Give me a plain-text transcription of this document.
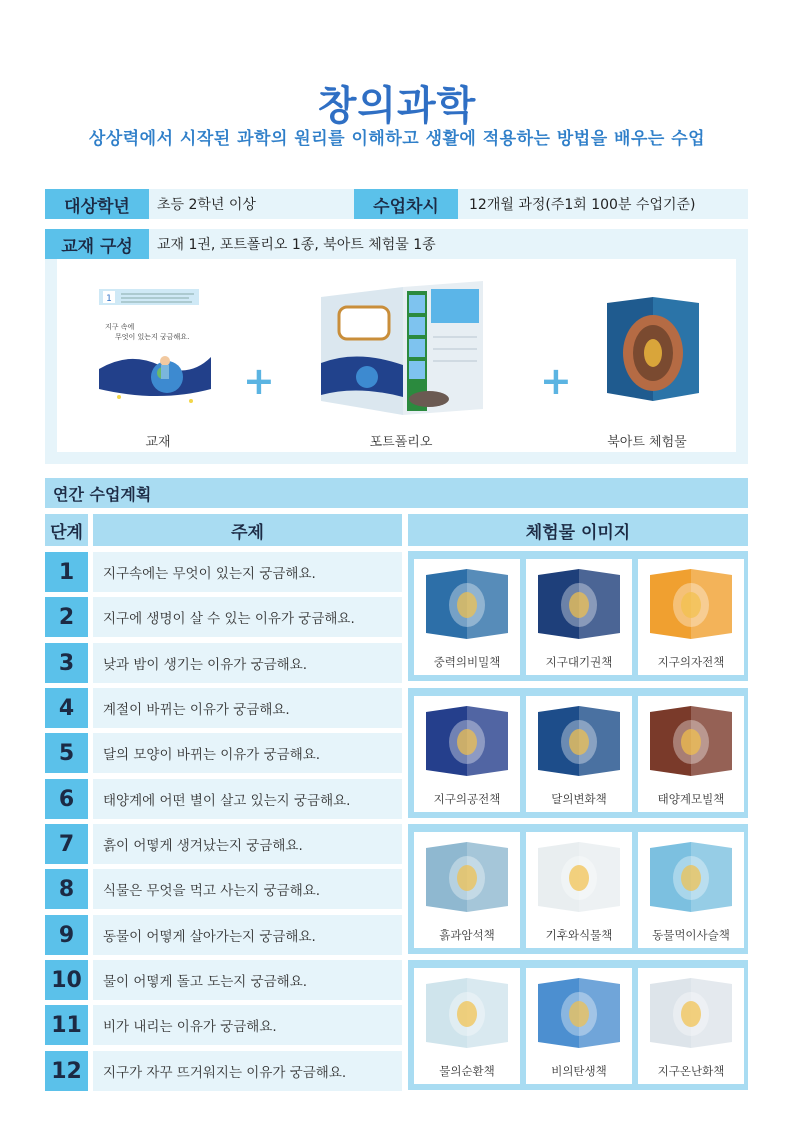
창의과학
상상력에서 시작된 과학의 원리를 이해하고 생활에 적용하는 방법을 배우는 수업
대상학년	초등 2학년 이상	수업차시	12개월 과정(주1회 100분 수업기준)
교재 구성	교재 1권, 포트폴리오 1종, 북아트 체험물 1종
1
지구 속에
무엇이 있는지 궁금해요.
+	+
교재	포트폴리오	북아트 체험물
연간 수업계획
단계	주제	체험물 이미지
1	지구속에는 무엇이 있는지 궁금해요.
2	지구에 생명이 살 수 있는 이유가 궁금해요.
3	낮과 밤이 생기는 이유가 궁금해요.
4	계절이 바뀌는 이유가 궁금해요.
5	달의 모양이 바뀌는 이유가 궁금해요.
6	태양계에 어떤 별이 살고 있는지 궁금해요.
7	흙이 어떻게 생겨났는지 궁금해요.
8	식물은 무엇을 먹고 사는지 궁금해요.
9	동물이 어떻게 살아가는지 궁금해요.
10	물이 어떻게 돌고 도는지 궁금해요.
11	비가 내리는 이유가 궁금해요.
12	지구가 자꾸 뜨거워지는 이유가 궁금해요.
중력의비밀책	지구대기권책	지구의자전책
지구의공전책	달의변화책	태양계모빌책
흙과암석책	기후와식물책	동물먹이사슬책
물의순환책	비의탄생책	지구온난화책
